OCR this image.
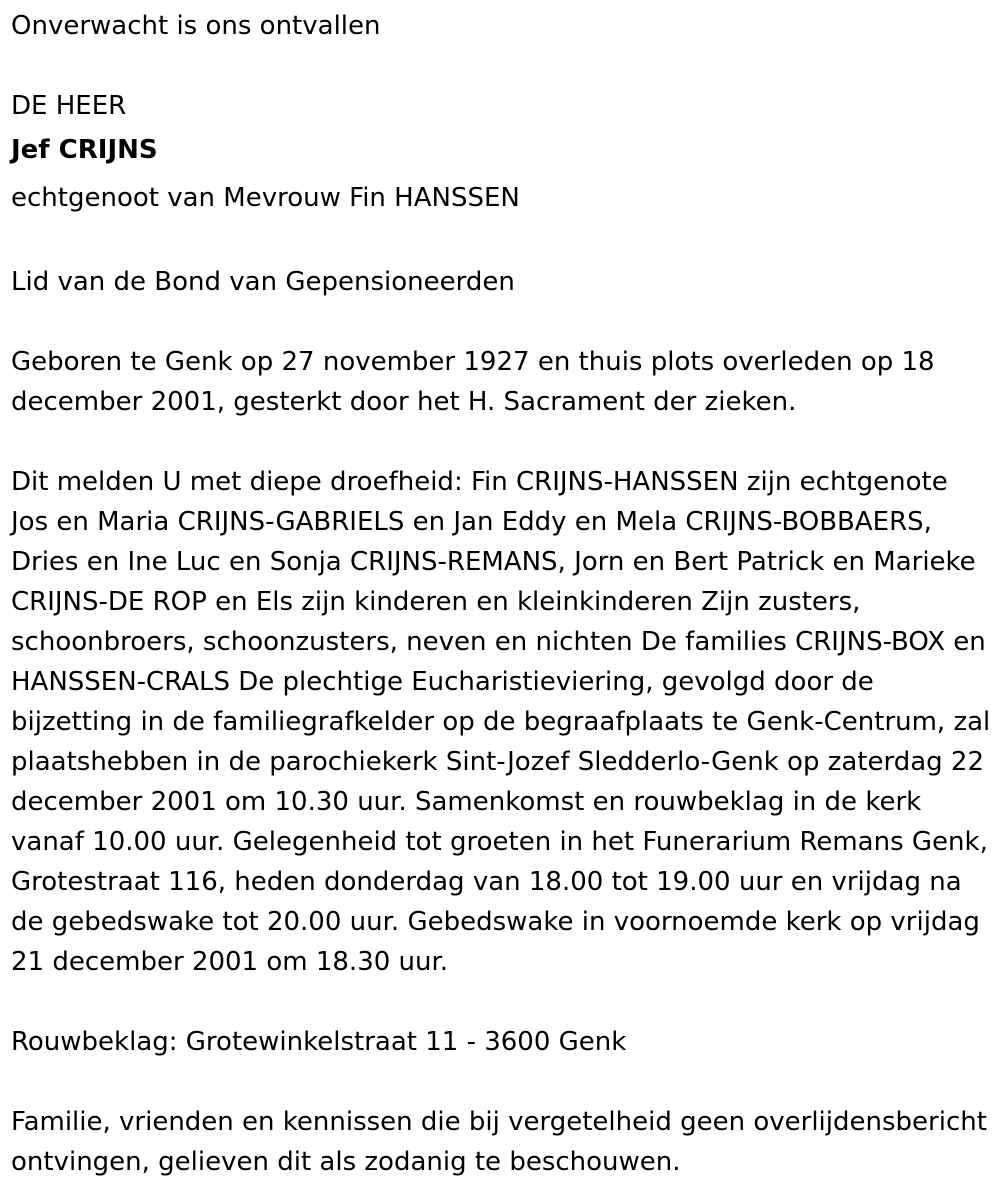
Onverwacht is ons ontvallen

DE HEER

Jef CRIJNS

echtgenoot van Mevrouw Fin HANSSEN

Lid van de Bond van Gepensioneerden

Geboren te Genk op 27 november 1927 en thuis plots overleden op 18 december 2001, gesterkt door het H. Sacrament der zieken.

Dit melden U met diepe droefheid: Fin CRIJNS-HANSSEN zijn echtgenote Jos en Maria CRIJNS-GABRIELS en Jan Eddy en Mela CRIJNS-BOBBAERS, Dries en Ine Luc en Sonja CRIJNS-REMANS, Jorn en Bert Patrick en Marieke CRIJNS-DE ROP en Els zijn kinderen en kleinkinderen Zijn zusters, schoonbroers, schoonzusters, neven en nichten De families CRIJNS-BOX en HANSSEN-CRALS De plechtige Eucharistieviering, gevolgd door de bijzetting in de familiegrafkelder op de begraafplaats te Genk-Centrum, zal plaatshebben in de parochiekerk Sint-Jozef Sledderlo-Genk op zaterdag 22 december 2001 om 10.30 uur. Samenkomst en rouwbeklag in de kerk vanaf 10.00 uur. Gelegenheid tot groeten in het Funerarium Remans Genk, Grotestraat 116, heden donderdag van 18.00 tot 19.00 uur en vrijdag na de gebedswake tot 20.00 uur. Gebedswake in voornoemde kerk op vrijdag 21 december 2001 om 18.30 uur.

Rouwbeklag: Grotewinkelstraat 11 - 3600 Genk

Familie, vrienden en kennissen die bij vergetelheid geen overlijdensbericht ontvingen, gelieven dit als zodanig te beschouwen.
